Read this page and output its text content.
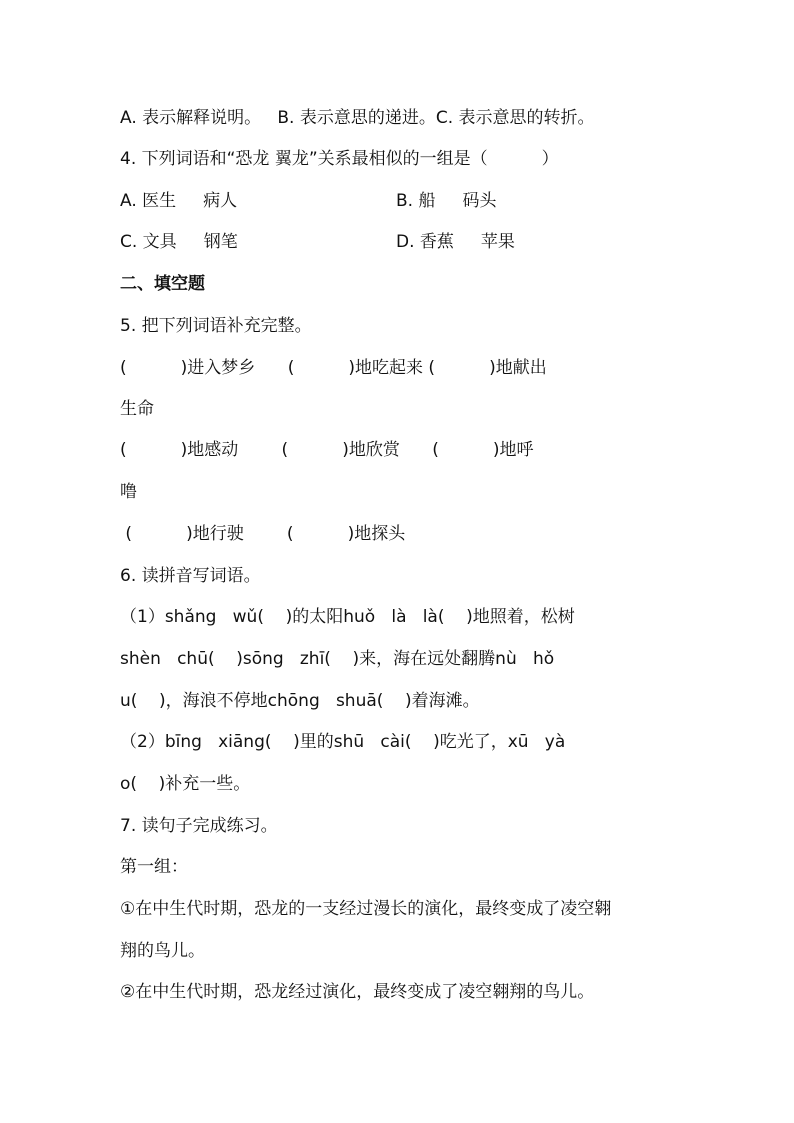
A. 表示解释说明。   B. 表示意思的递进。C. 表示意思的转折。
4. 下列词语和“恐龙 翼龙”关系最相似的一组是（          ）

A. 医生     病人

	B. 船     码头

C. 文具     钢笔

	D. 香蕉     苹果

二、填空题
5. 把下列词语补充完整。
(          )进入梦乡      (          )地吃起来 (          )地献出
生命
(          )地感动        (          )地欣赏      (          )地呼
噜
(          )地行驶        (          )地探头
6. 读拼音写词语。
（1）shǎng   wǔ(    )的太阳huǒ   là   là(    )地照着，松树
shèn   chū(    )sōng   zhī(    )来，海在远处翻腾nù   hǒ
u(    )，海浪不停地chōng   shuā(    )着海滩。
（2）bīng   xiāng(    )里的shū   cài(    )吃光了，xū   yà
o(    )补充一些。
7. 读句子完成练习。
第一组：
①在中生代时期，恐龙的一支经过漫长的演化，最终变成了凌空翱
翔的鸟儿。
②在中生代时期，恐龙经过演化，最终变成了凌空翱翔的鸟儿。
